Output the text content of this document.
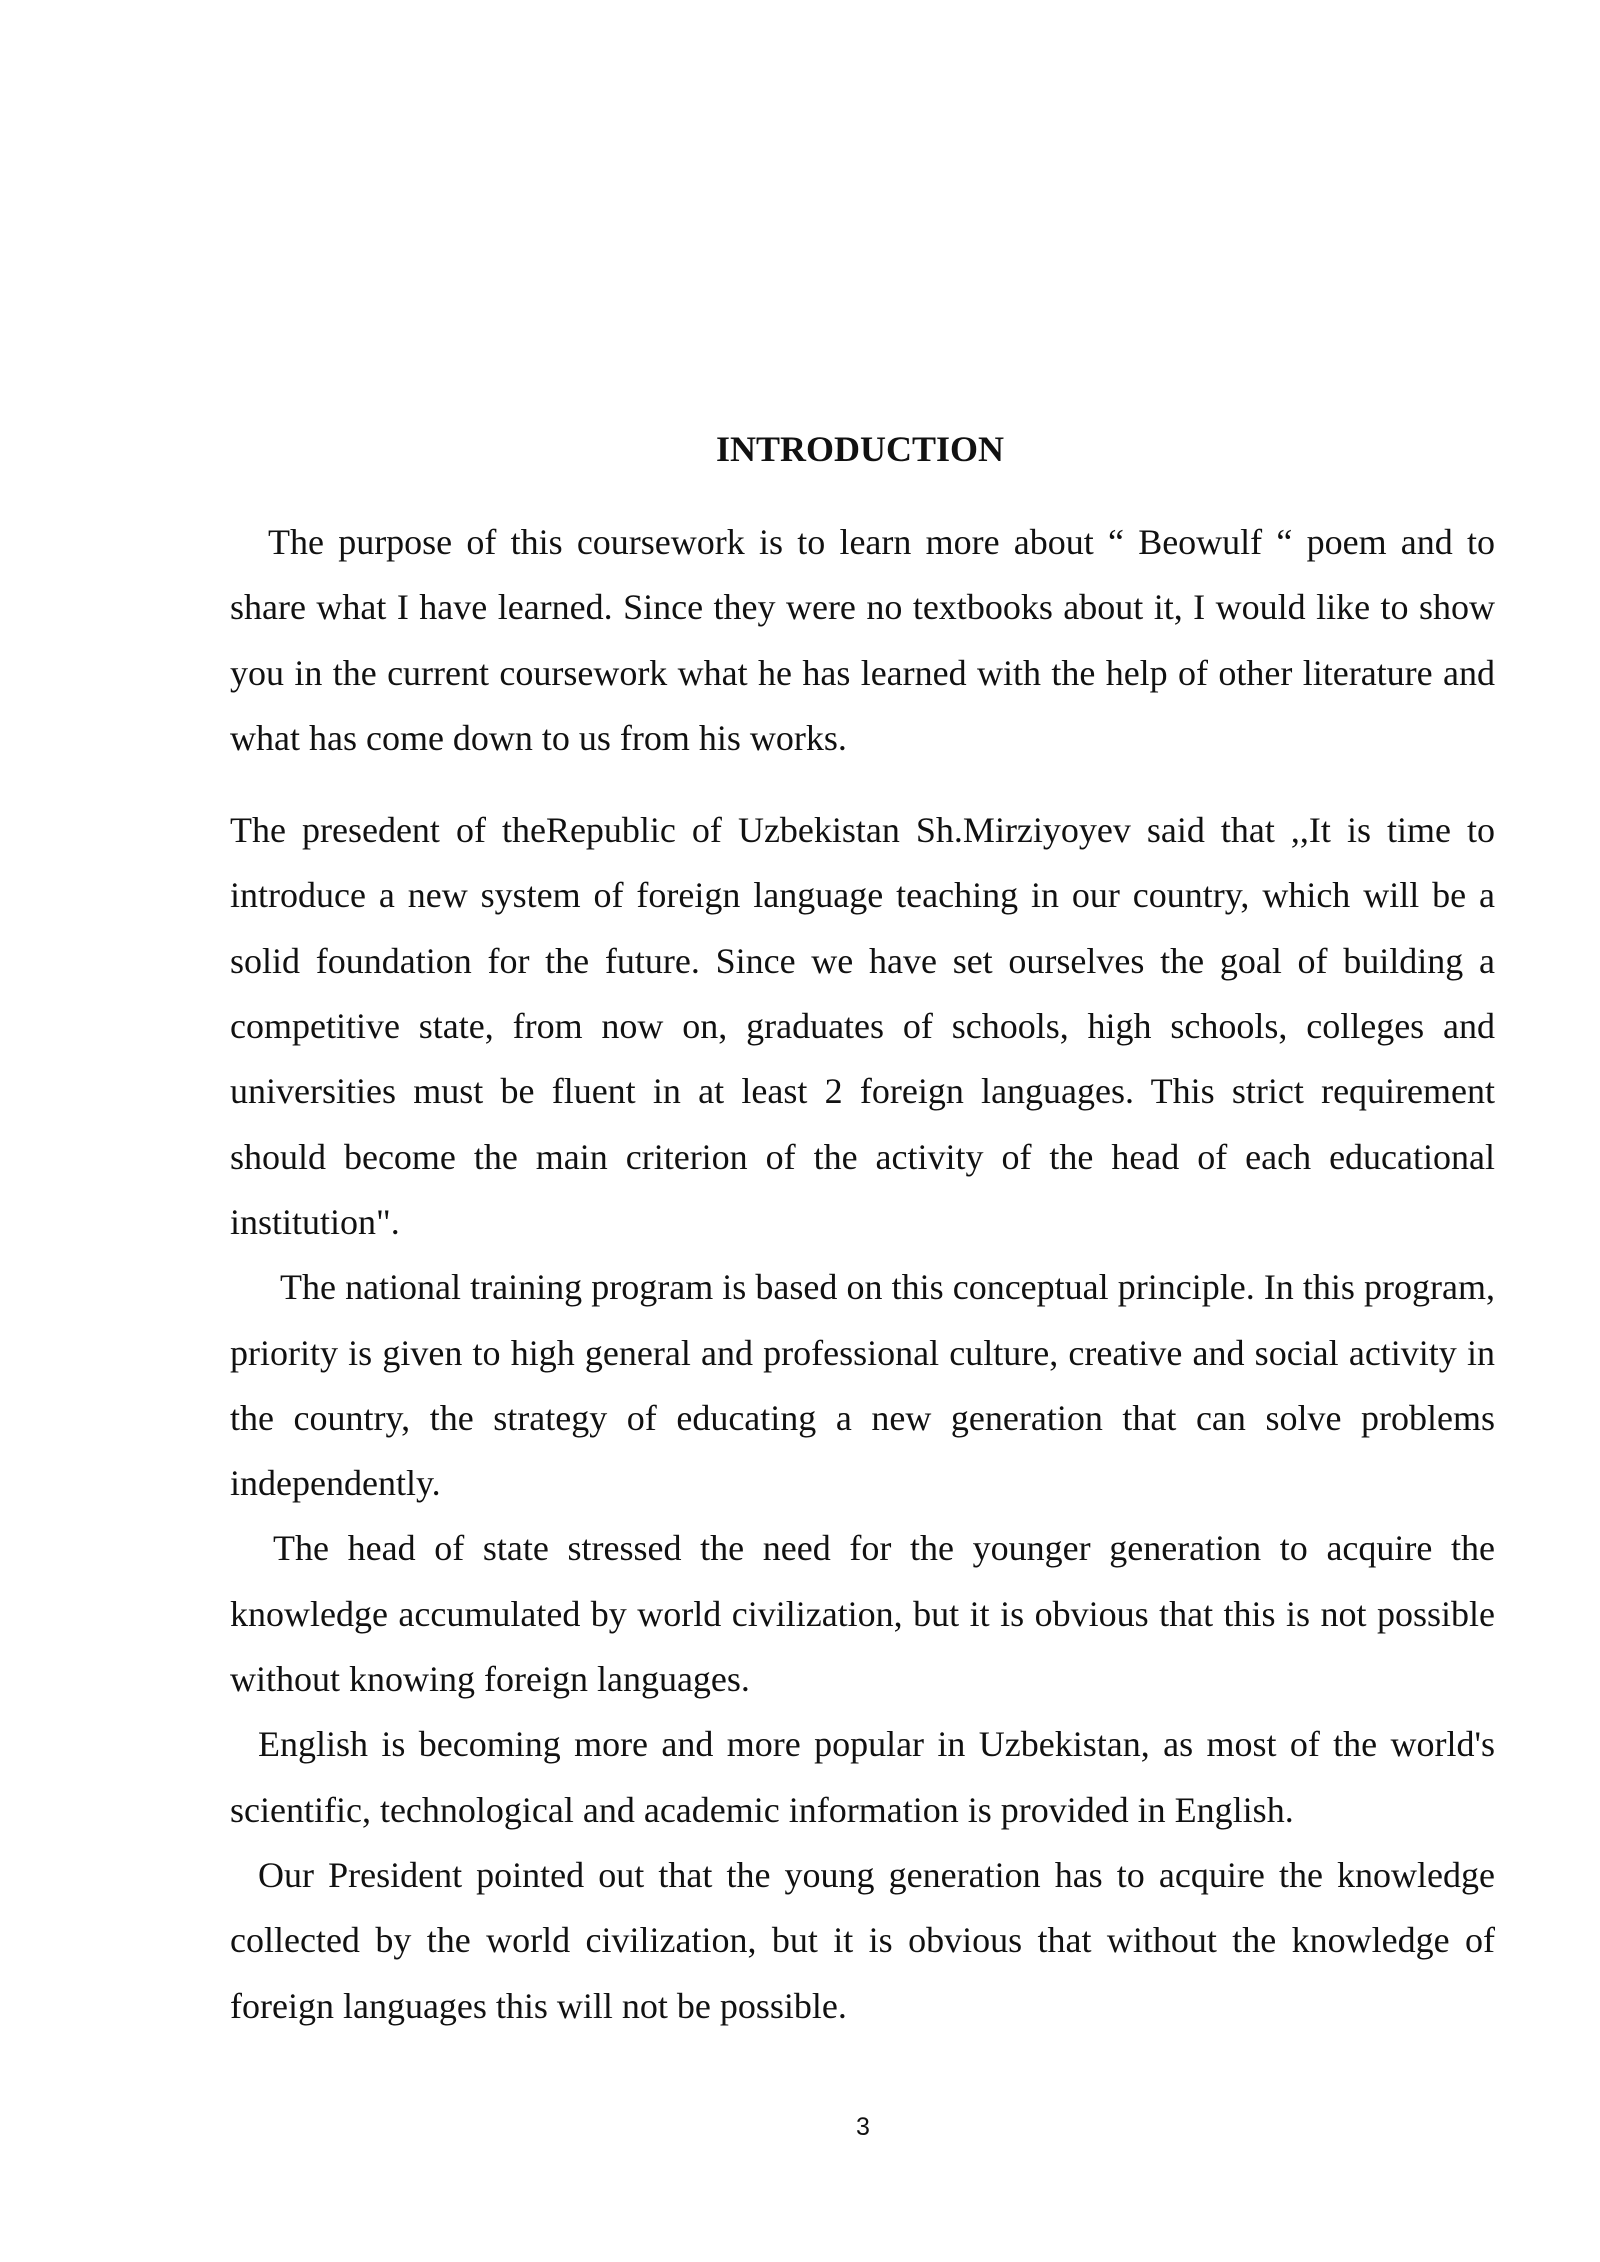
INTRODUCTION

The purpose of this coursework is to learn more about “ Beowulf “ poem and to share what I have learned. Since they were no textbooks about it, I would like to show you in the current coursework what he has learned with the help of other literature and what has come down to us from his works.

The presedent of theRepublic of Uzbekistan Sh.Mirziyoyev said that ,,It is time to introduce a new system of foreign language teaching in our country, which will be a solid foundation for the future. Since we have set ourselves the goal of building a competitive state, from now on, graduates of schools, high schools, colleges and universities must be fluent in at least 2 foreign languages. This strict requirement should become the main criterion of the activity of the head of each educational institution".

The national training program is based on this conceptual principle. In this program, priority is given to high general and professional culture, creative and social activity in the country, the strategy of educating a new generation that can solve problems independently.

The head of state stressed the need for the younger generation to acquire the knowledge accumulated by world civilization, but it is obvious that this is not possible without knowing foreign languages.

English is becoming more and more popular in Uzbekistan, as most of the world's scientific, technological and academic information is provided in English.

Our President pointed out that the young generation has to acquire the knowledge collected by the world civilization, but it is obvious that without the knowledge of foreign languages this will not be possible.

3
